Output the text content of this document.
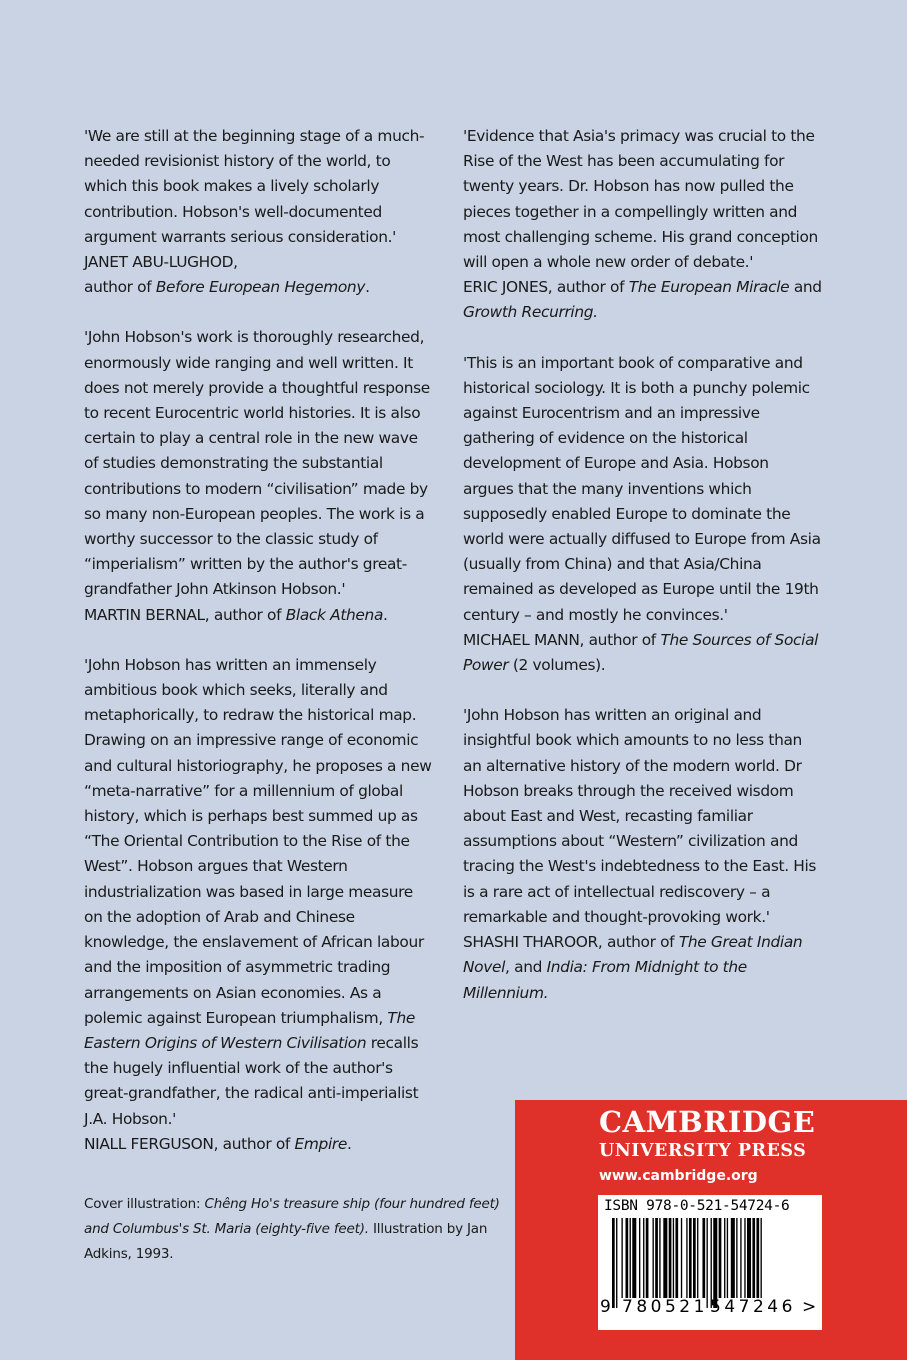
'We are still at the beginning stage of a much-needed revisionist history of the world, to which this book makes a lively scholarly contribution. Hobson's well-documented argument warrants serious consideration.'

JANET ABU-LUGHOD,
author of Before European Hegemony.

'John Hobson's work is thoroughly researched, enormously wide ranging and well written. It does not merely provide a thoughtful response to recent Eurocentric world histories. It is also certain to play a central role in the new wave of studies demonstrating the substantial contributions to modern “civilisation” made by so many non-European peoples. The work is a worthy successor to the classic study of “imperialism” written by the author's great-grandfather John Atkinson Hobson.'

MARTIN BERNAL, author of Black Athena.

'John Hobson has written an immensely ambitious book which seeks, literally and metaphorically, to redraw the historical map. Drawing on an impressive range of economic and cultural historiography, he proposes a new “meta-narrative” for a millennium of global history, which is perhaps best summed up as “The Oriental Contribution to the Rise of the West”. Hobson argues that Western industrialization was based in large measure on the adoption of Arab and Chinese knowledge, the enslavement of African labour and the imposition of asymmetric trading arrangements on Asian economies. As a polemic against European triumphalism, The Eastern Origins of Western Civilisation recalls the hugely influential work of the author's great-grandfather, the radical anti-imperialist J.A. Hobson.'

NIALL FERGUSON, author of Empire.

'Evidence that Asia's primacy was crucial to the Rise of the West has been accumulating for twenty years. Dr. Hobson has now pulled the pieces together in a compellingly written and most challenging scheme. His grand conception will open a whole new order of debate.'

ERIC JONES, author of The European Miracle and Growth Recurring.

'This is an important book of comparative and historical sociology. It is both a punchy polemic against Eurocentrism and an impressive gathering of evidence on the historical development of Europe and Asia. Hobson argues that the many inventions which supposedly enabled Europe to dominate the world were actually diffused to Europe from Asia (usually from China) and that Asia/China remained as developed as Europe until the 19th century – and mostly he convinces.'

MICHAEL MANN, author of The Sources of Social Power (2 volumes).

'John Hobson has written an original and insightful book which amounts to no less than an alternative history of the modern world. Dr Hobson breaks through the received wisdom about East and West, recasting familiar assumptions about “Western” civilization and tracing the West's indebtedness to the East. His is a rare act of intellectual rediscovery – a remarkable and thought-provoking work.'

SHASHI THAROOR, author of The Great Indian Novel, and India: From Midnight to the Millennium.

Cover illustration: Chêng Ho's treasure ship (four hundred feet) and Columbus's St. Maria (eighty-five feet). Illustration by Jan Adkins, 1993.

CAMBRIDGE
UNIVERSITY PRESS
www.cambridge.org
ISBN 978-0-521-54724-6
9 780521 547246 >
